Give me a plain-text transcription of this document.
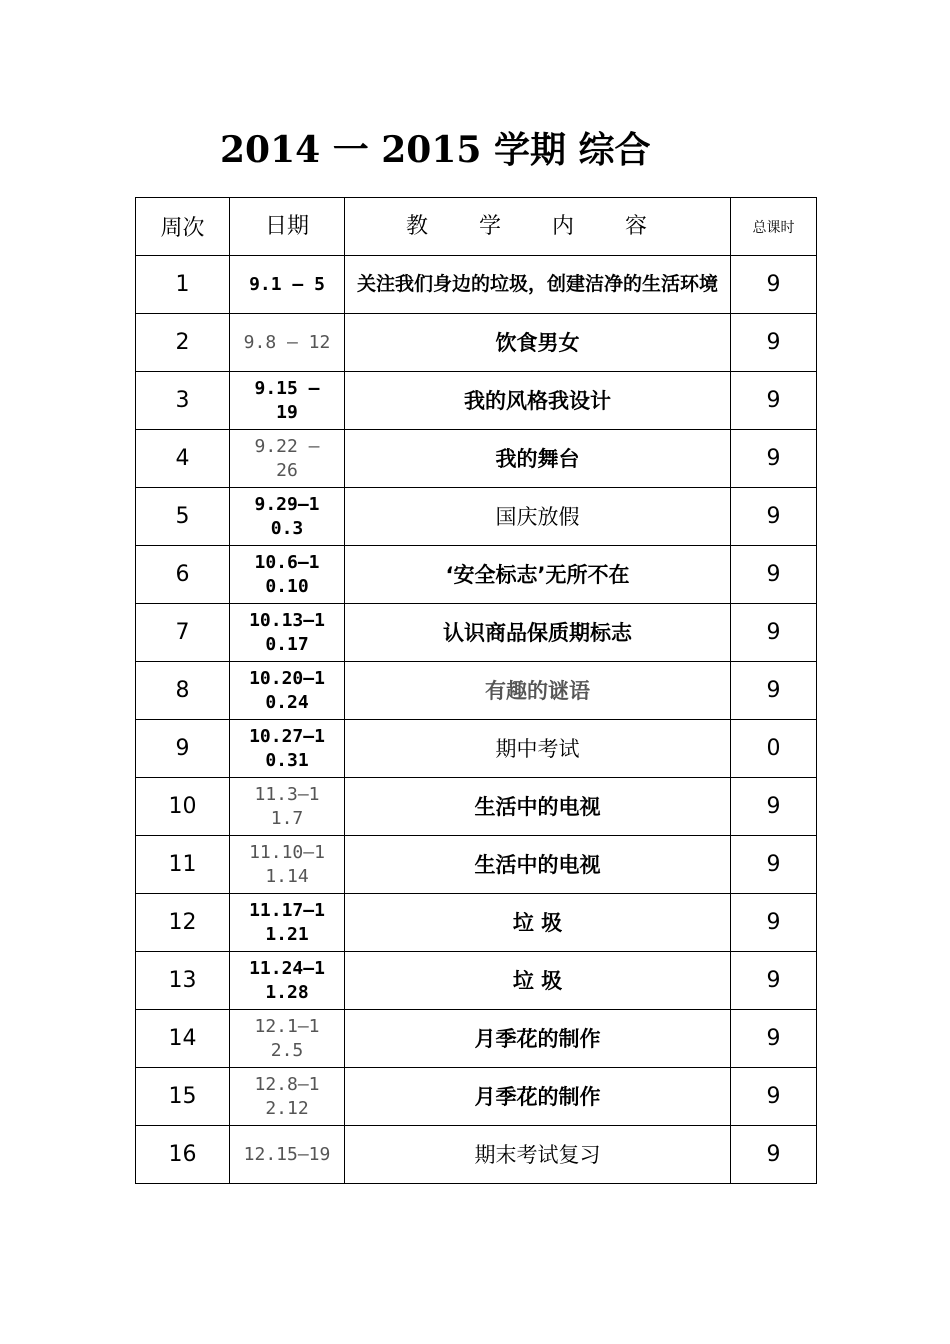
2014 一 2015 学期 综合
周次	日期	教 学 内 容	总课时
1	9.1 – 5	关注我们身边的垃圾，创建洁净的生活环境	9
2	9.8 – 12	饮食男女	9
3	9.15 – 19	我的风格我设计	9
4	9.22 – 26	我的舞台	9
5	9.29–10.3	国庆放假	9
6	10.6–10.10	‘安全标志’无所不在	9
7	10.13–10.17	认识商品保质期标志	9
8	10.20–10.24	有趣的谜语	9
9	10.27–10.31	期中考试	0
10	11.3–11.7	生活中的电视	9
11	11.10–11.14	生活中的电视	9
12	11.17–11.21	垃 圾	9
13	11.24–11.28	垃 圾	9
14	12.1–12.5	月季花的制作	9
15	12.8–12.12	月季花的制作	9
16	12.15–19	期末考试复习	9
